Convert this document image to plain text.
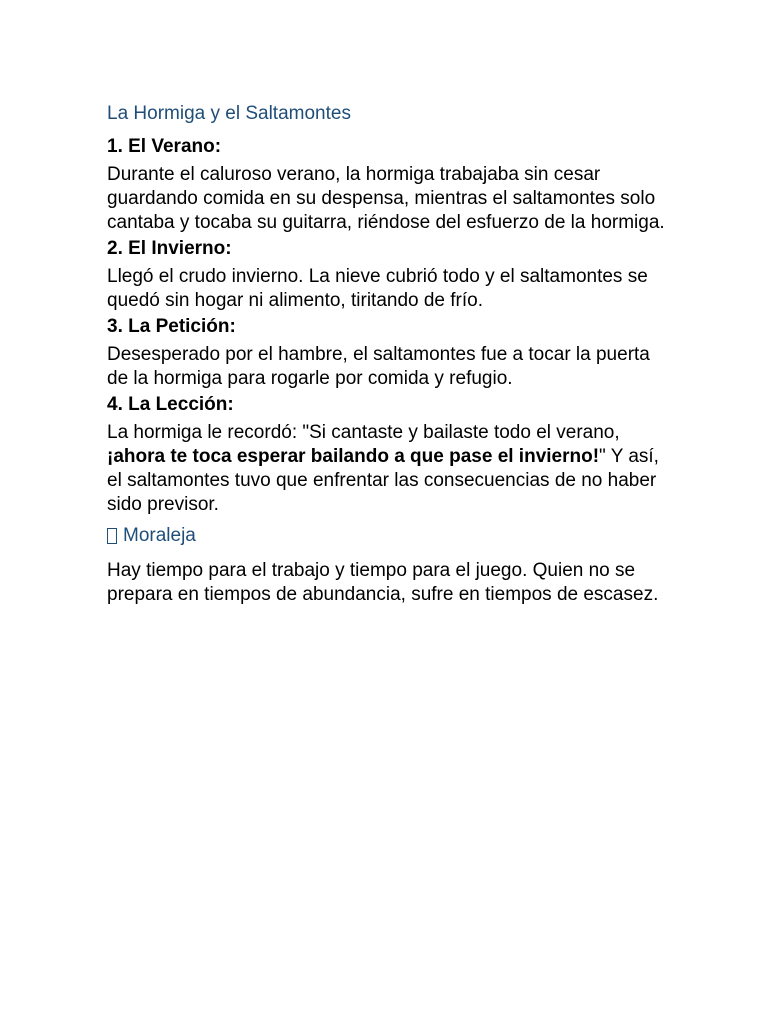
La Hormiga y el Saltamontes
1. El Verano:

Durante el caluroso verano, la hormiga trabajaba sin cesar guardando comida en su despensa, mientras el saltamontes solo cantaba y tocaba su guitarra, riéndose del esfuerzo de la hormiga.

2. El Invierno:

Llegó el crudo invierno. La nieve cubrió todo y el saltamontes se quedó sin hogar ni alimento, tiritando de frío.

3. La Petición:

Desesperado por el hambre, el saltamontes fue a tocar la puerta de la hormiga para rogarle por comida y refugio.

4. La Lección:

La hormiga le recordó: "Si cantaste y bailaste todo el verano, ¡ahora te toca esperar bailando a que pase el invierno!" Y así, el saltamontes tuvo que enfrentar las consecuencias de no haber sido previsor.

Moraleja

Hay tiempo para el trabajo y tiempo para el juego. Quien no se prepara en tiempos de abundancia, sufre en tiempos de escasez.
